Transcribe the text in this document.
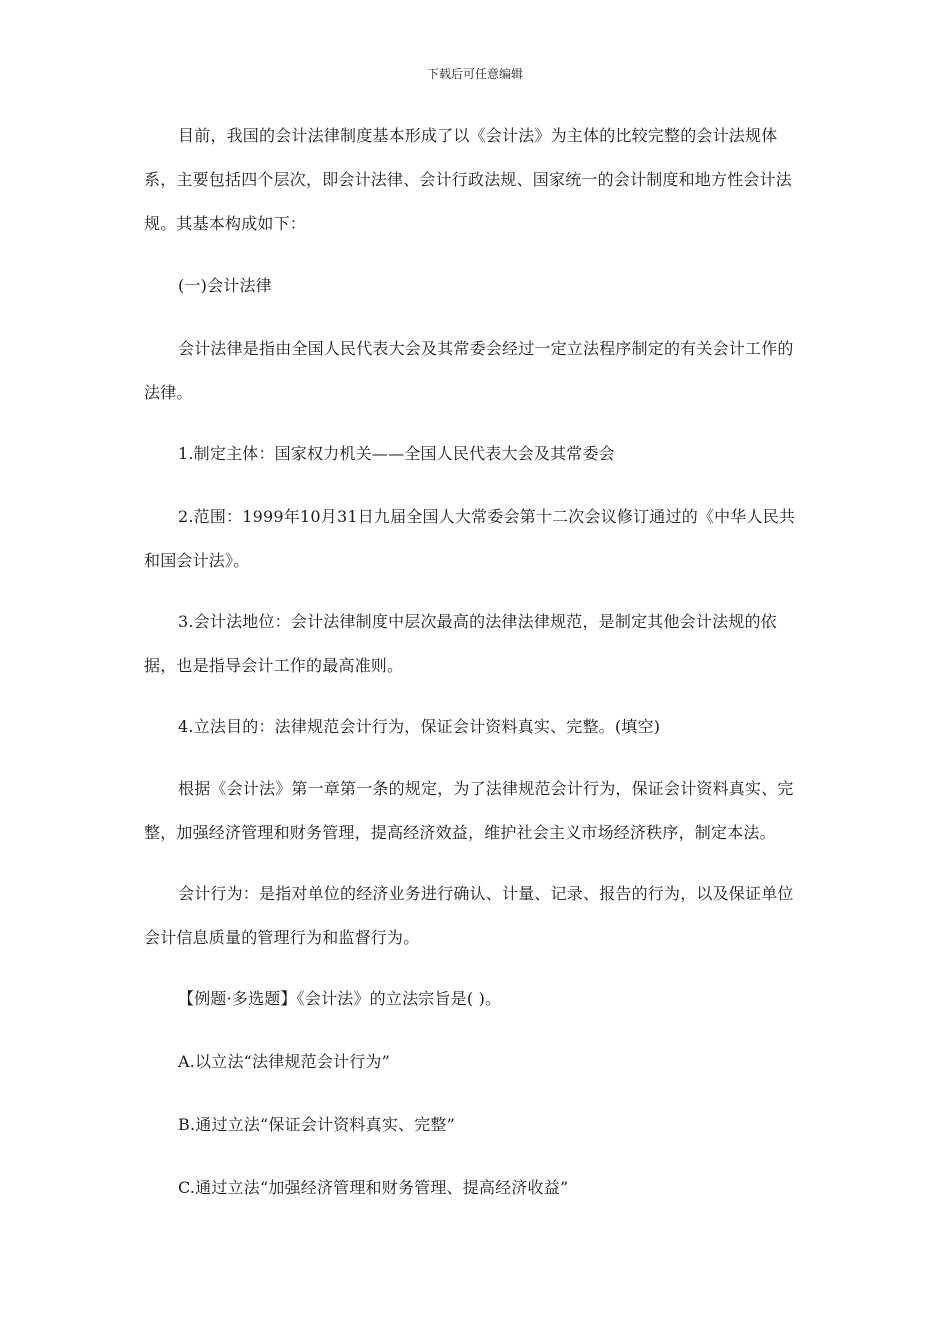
下载后可任意编辑

目前，我国的会计法律制度基本形成了以《会计法》为主体的比较完整的会计法规体系，主要包括四个层次，即会计法律、会计行政法规、国家统一的会计制度和地方性会计法规。其基本构成如下：

(一)会计法律

会计法律是指由全国人民代表大会及其常委会经过一定立法程序制定的有关会计工作的法律。

1.制定主体：国家权力机关——全国人民代表大会及其常委会

2.范围：1999年10月31日九届全国人大常委会第十二次会议修订通过的《中华人民共和国会计法》。

3.会计法地位：会计法律制度中层次最高的法律法律规范，是制定其他会计法规的依据，也是指导会计工作的最高准则。

4.立法目的：法律规范会计行为，保证会计资料真实、完整。(填空)

根据《会计法》第一章第一条的规定，为了法律规范会计行为，保证会计资料真实、完整，加强经济管理和财务管理，提高经济效益，维护社会主义市场经济秩序，制定本法。

会计行为：是指对单位的经济业务进行确认、计量、记录、报告的行为，以及保证单位会计信息质量的管理行为和监督行为。

【例题·多选题】《会计法》的立法宗旨是( )。

A.以立法“法律规范会计行为”

B.通过立法“保证会计资料真实、完整”

C.通过立法“加强经济管理和财务管理、提高经济收益”
